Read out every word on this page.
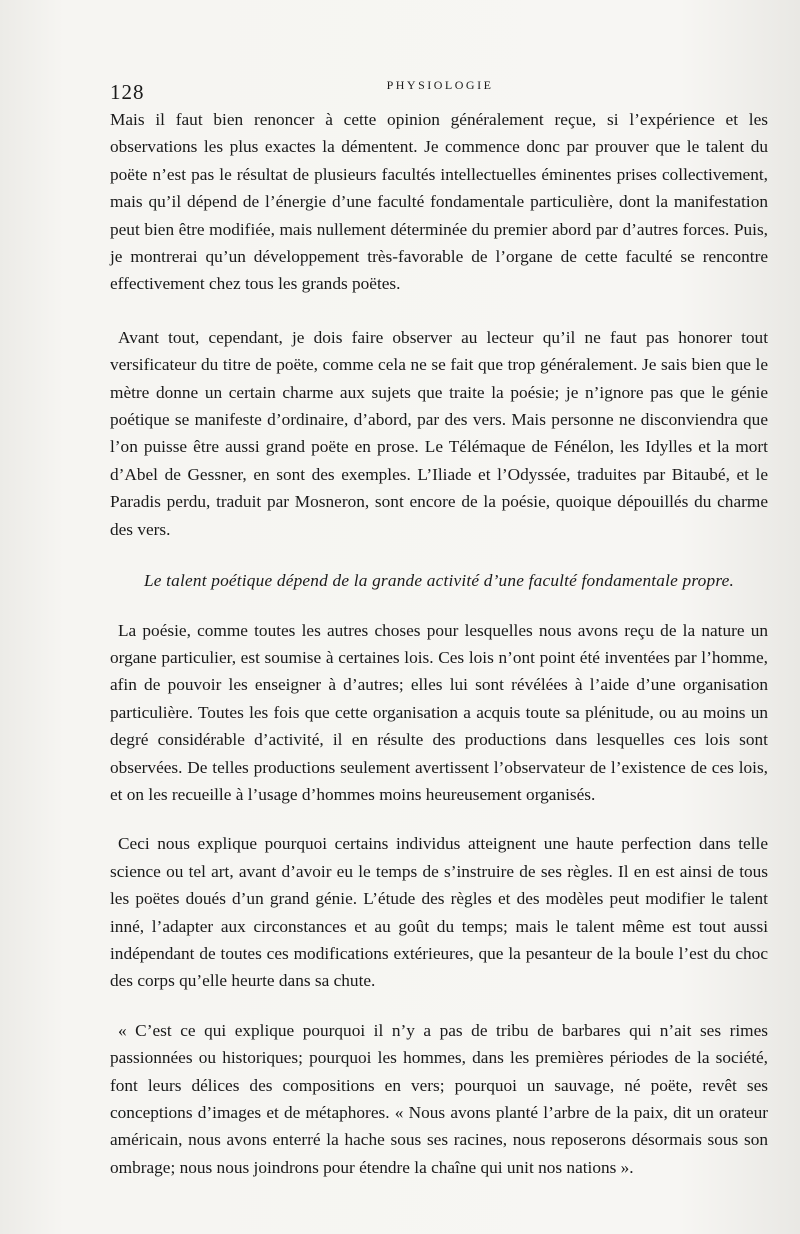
128	PHYSIOLOGIE

Mais il faut bien renoncer à cette opinion généralement reçue, si l’expérience et les observations les plus exactes la démentent. Je commence donc par prouver que le talent du poëte n’est pas le résultat de plusieurs facultés intellectuelles éminentes prises collectivement, mais qu’il dépend de l’énergie d’une faculté fondamentale particulière, dont la manifestation peut bien être modifiée, mais nullement déterminée du premier abord par d’autres forces. Puis, je montrerai qu’un développement très-favorable de l’organe de cette faculté se rencontre effectivement chez tous les grands poëtes.

Avant tout, cependant, je dois faire observer au lecteur qu’il ne faut pas honorer tout versificateur du titre de poëte, comme cela ne se fait que trop généralement. Je sais bien que le mètre donne un certain charme aux sujets que traite la poésie; je n’ignore pas que le génie poétique se manifeste d’ordinaire, d’abord, par des vers. Mais personne ne disconviendra que l’on puisse être aussi grand poëte en prose. Le Télémaque de Fénélon, les Idylles et la mort d’Abel de Gessner, en sont des exemples. L’Iliade et l’Odyssée, traduites par Bitaubé, et le Paradis perdu, traduit par Mosneron, sont encore de la poésie, quoique dépouillés du charme des vers.

Le talent poétique dépend de la grande activité d’une faculté fondamentale propre.

La poésie, comme toutes les autres choses pour lesquelles nous avons reçu de la nature un organe particulier, est soumise à certaines lois. Ces lois n’ont point été inventées par l’homme, afin de pouvoir les enseigner à d’autres; elles lui sont révélées à l’aide d’une organisation particulière. Toutes les fois que cette organisation a acquis toute sa plénitude, ou au moins un degré considérable d’activité, il en résulte des productions dans lesquelles ces lois sont observées. De telles productions seulement avertissent l’observateur de l’existence de ces lois, et on les recueille à l’usage d’hommes moins heureusement organisés.

Ceci nous explique pourquoi certains individus atteignent une haute perfection dans telle science ou tel art, avant d’avoir eu le temps de s’instruire de ses règles. Il en est ainsi de tous les poëtes doués d’un grand génie. L’étude des règles et des modèles peut modifier le talent inné, l’adapter aux circonstances et au goût du temps; mais le talent même est tout aussi indépendant de toutes ces modifications extérieures, que la pesanteur de la boule l’est du choc des corps qu’elle heurte dans sa chute.

« C’est ce qui explique pourquoi il n’y a pas de tribu de barbares qui n’ait ses rimes passionnées ou historiques; pourquoi les hommes, dans les premières périodes de la société, font leurs délices des compositions en vers; pourquoi un sauvage, né poëte, revêt ses conceptions d’images et de métaphores. « Nous avons planté l’arbre de la paix, dit un orateur américain, nous avons enterré la hache sous ses racines, nous reposerons désormais sous son ombrage; nous nous joindrons pour étendre la chaîne qui unit nos nations ».
